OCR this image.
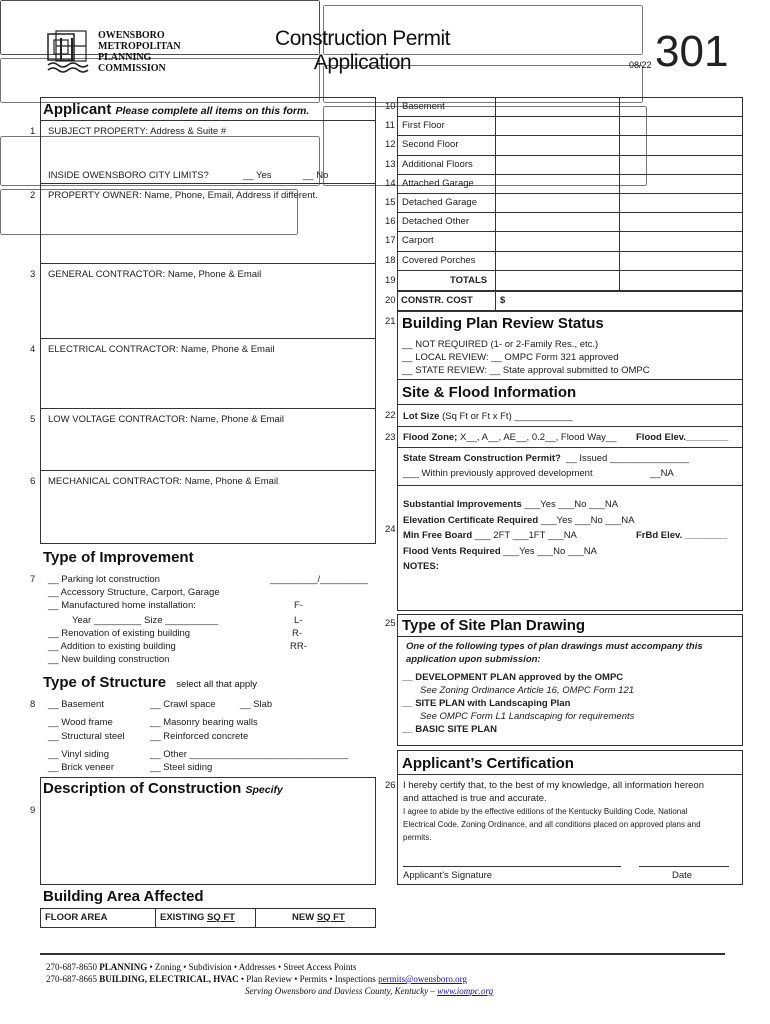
OWENSBORO
METROPOLITAN
PLANNING
COMMISSION
Construction Permit
Application	08/22 301
Applicant Please complete all items on this form.
1 SUBJECT PROPERTY: Address & Suite #
INSIDE OWENSBORO CITY LIMITS?	__ Yes	__ No
2 PROPERTY OWNER: Name, Phone, Email, Address if different.

3 GENERAL CONTRACTOR: Name, Phone & Email

4 ELECTRICAL CONTRACTOR: Name, Phone & Email

5 LOW VOLTAGE CONTRACTOR: Name, Phone & Email

6 MECHANICAL CONTRACTOR: Name, Phone & Email

Type of Improvement
7 __ Parking lot construction	_________/_________
__ Accessory Structure, Carport, Garage
__ Manufactured home installation:	F-
Year _________ Size __________	L-
__ Renovation of existing building	R-
__ Addition to existing building	RR-
__ New building construction
Type of Structure select all that apply
8 __ Basement	__ Crawl space	__ Slab
__ Wood frame	__ Masonry bearing walls
__ Structural steel	__ Reinforced concrete
__ Vinyl siding	__ Other ______________________________
__ Brick veneer	__ Steel siding
Description of Construction Specify
9
Building Area Affected
FLOOR AREA	EXISTING SQ FT	NEW SQ FT
10 Basement
11 First Floor
12 Second Floor
13 Additional Floors
14 Attached Garage
15 Detached Garage
16 Detached Other
17 Carport
18 Covered Porches
19	TOTALS
20 CONSTR. COST	$
21 Building Plan Review Status
__ NOT REQUIRED (1- or 2-Family Res., etc.)
__ LOCAL REVIEW: __ OMPC Form 321 approved
__ STATE REVIEW: __ State approval submitted to OMPC
Site & Flood Information
22 Lot Size (Sq Ft or Ft x Ft) ___________
23 Flood Zone; X__, A__, AE__, 0.2__, Flood Way__ Flood Elev.________
State Stream Construction Permit? __ Issued _______________
___ Within previously approved development	__NA
24
Substantial Improvements ___Yes ___No ___NA
Elevation Certificate Required ___Yes ___No ___NA
Min Free Board ___ 2FT ___1FT ___NA	FrBd Elev. ________
Flood Vents Required ___Yes ___No ___NA
NOTES:
25 Type of Site Plan Drawing
One of the following types of plan drawings must accompany this
application upon submission:
__ DEVELOPMENT PLAN approved by the OMPC
See Zoning Ordinance Article 16, OMPC Form 121
__ SITE PLAN with Landscaping Plan
See OMPC Form L1 Landscaping for requirements
__ BASIC SITE PLAN
Applicant’s Certification
26 I hereby certify that, to the best of my knowledge, all information hereon
and attached is true and accurate.
I agree to abide by the effective editions of the Kentucky Building Code, National
Electrical Code, Zoning Ordinance, and all conditions placed on approved plans and
permits.
Applicant’s Signature	Date
270-687-8650 PLANNING • Zoning • Subdivision • Addresses • Street Access Points
270-687-8665 BUILDING, ELECTRICAL, HVAC • Plan Review • Permits • Inspections permits@owensboro.org
Serving Owensboro and Daviess County, Kentucky – www.iompc.org
